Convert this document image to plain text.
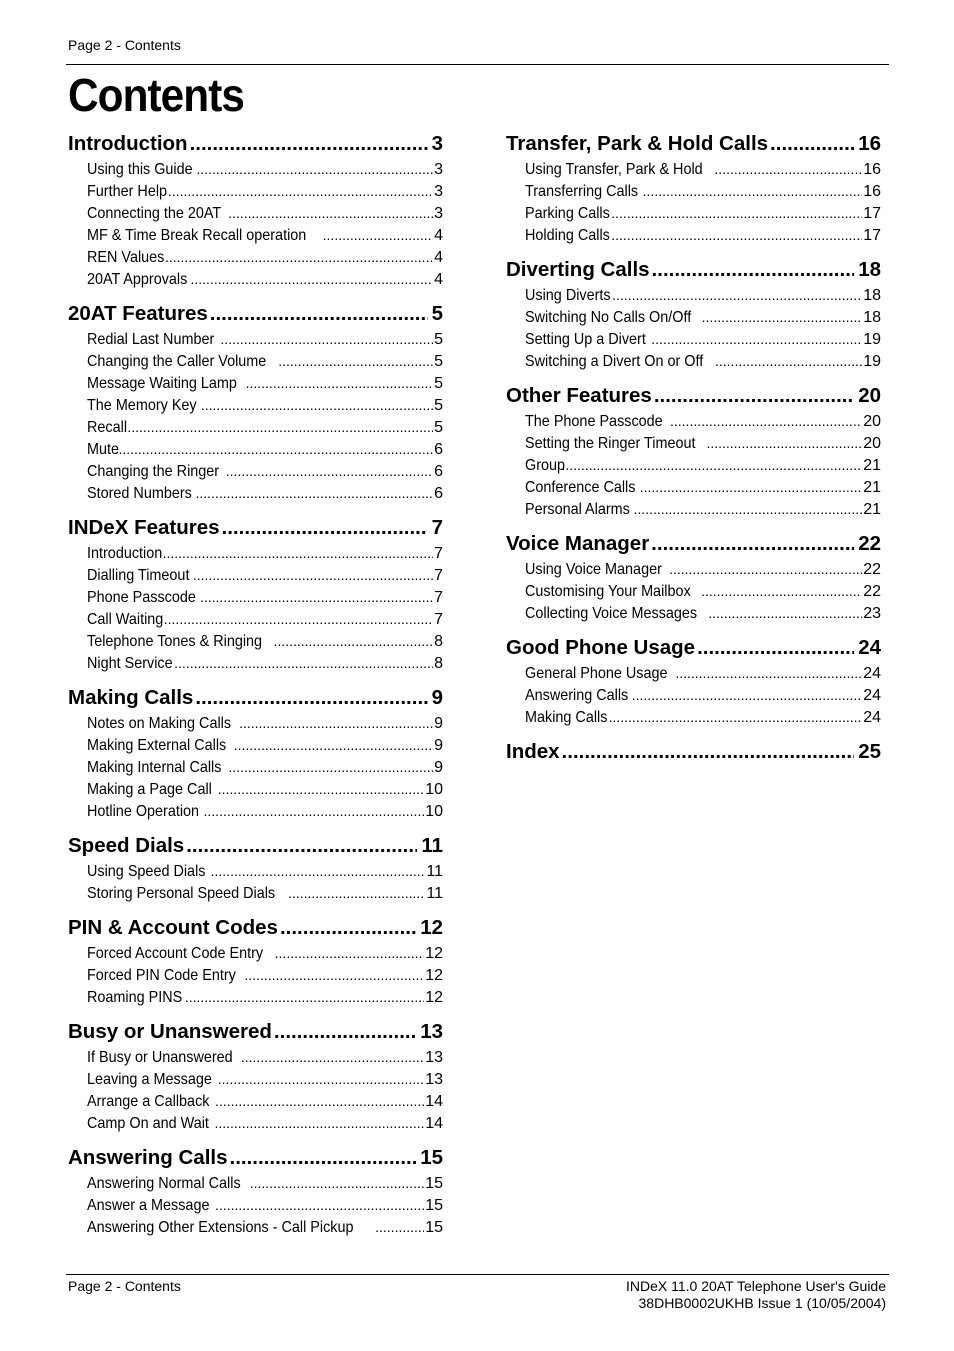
Page 2 - Contents
Contents
Introduction .....	3
Using this Guide .....	3
Further Help .....	3
Connecting the 20AT .....	3
MF & Time Break Recall operation .....	4
REN Values .....	4
20AT Approvals .....	4
20AT Features .....	5
Redial Last Number .....	5
Changing the Caller Volume .....	5
Message Waiting Lamp .....	5
The Memory Key .....	5
Recall .....	5
Mute .....	6
Changing the Ringer .....	6
Stored Numbers .....	6
INDeX Features .....	7
Introduction .....	7
Dialling Timeout .....	7
Phone Passcode .....	7
Call Waiting .....	7
Telephone Tones & Ringing .....	8
Night Service .....	8
Making Calls .....	9
Notes on Making Calls .....	9
Making External Calls .....	9
Making Internal Calls .....	9
Making a Page Call .....	10
Hotline Operation .....	10
Speed Dials .....	11
Using Speed Dials .....	11
Storing Personal Speed Dials .....	11
PIN & Account Codes .....	12
Forced Account Code Entry .....	12
Forced PIN Code Entry .....	12
Roaming PINS .....	12
Busy or Unanswered .....	13
If Busy or Unanswered .....	13
Leaving a Message .....	13
Arrange a Callback .....	14
Camp On and Wait .....	14
Answering Calls .....	15
Answering Normal Calls .....	15
Answer a Message .....	15
Answering Other Extensions - Call Pickup .....	15
Transfer, Park & Hold Calls .....	16
Using Transfer, Park & Hold .....	16
Transferring Calls .....	16
Parking Calls .....	17
Holding Calls .....	17
Diverting Calls .....	18
Using Diverts .....	18
Switching No Calls On/Off .....	18
Setting Up a Divert .....	19
Switching a Divert On or Off .....	19
Other Features .....	20
The Phone Passcode .....	20
Setting the Ringer Timeout .....	20
Group .....	21
Conference Calls .....	21
Personal Alarms .....	21
Voice Manager .....	22
Using Voice Manager .....	22
Customising Your Mailbox .....	22
Collecting Voice Messages .....	23
Good Phone Usage .....	24
General Phone Usage .....	24
Answering Calls .....	24
Making Calls .....	24
Index .....	25
Page 2 - Contents	INDeX 11.0 20AT Telephone User's Guide
38DHB0002UKHB Issue 1 (10/05/2004)
